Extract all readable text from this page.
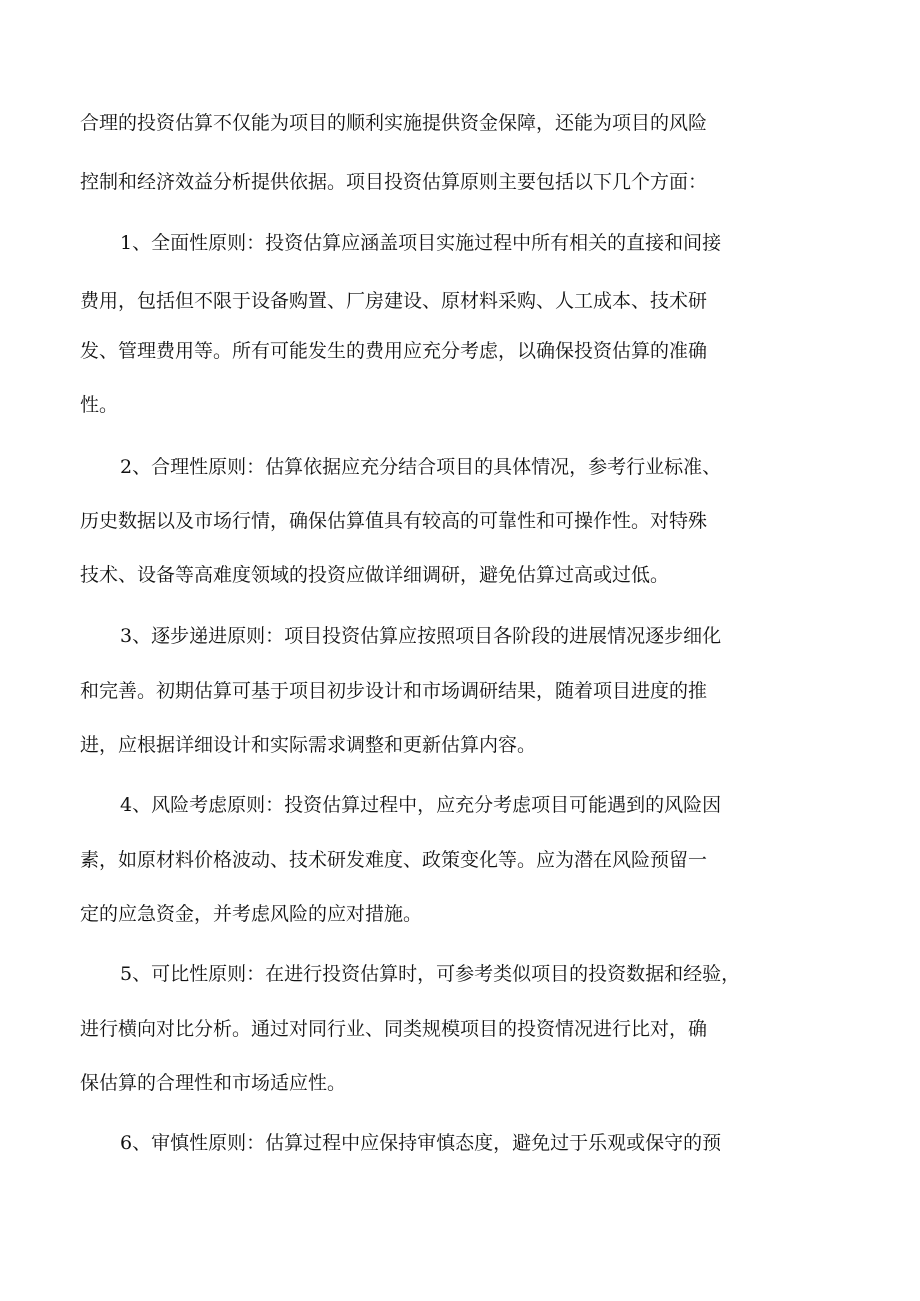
合理的投资估算不仅能为项目的顺利实施提供资金保障，还能为项目的风险
控制和经济效益分析提供依据。项目投资估算原则主要包括以下几个方面：
1、全面性原则：投资估算应涵盖项目实施过程中所有相关的直接和间接
费用，包括但不限于设备购置、厂房建设、原材料采购、人工成本、技术研
发、管理费用等。所有可能发生的费用应充分考虑，以确保投资估算的准确
性。
2、合理性原则：估算依据应充分结合项目的具体情况，参考行业标准、
历史数据以及市场行情，确保估算值具有较高的可靠性和可操作性。对特殊
技术、设备等高难度领域的投资应做详细调研，避免估算过高或过低。
3、逐步递进原则：项目投资估算应按照项目各阶段的进展情况逐步细化
和完善。初期估算可基于项目初步设计和市场调研结果，随着项目进度的推
进，应根据详细设计和实际需求调整和更新估算内容。
4、风险考虑原则：投资估算过程中，应充分考虑项目可能遇到的风险因
素，如原材料价格波动、技术研发难度、政策变化等。应为潜在风险预留一
定的应急资金，并考虑风险的应对措施。
5、可比性原则：在进行投资估算时，可参考类似项目的投资数据和经验，
进行横向对比分析。通过对同行业、同类规模项目的投资情况进行比对，确
保估算的合理性和市场适应性。
6、审慎性原则：估算过程中应保持审慎态度，避免过于乐观或保守的预
